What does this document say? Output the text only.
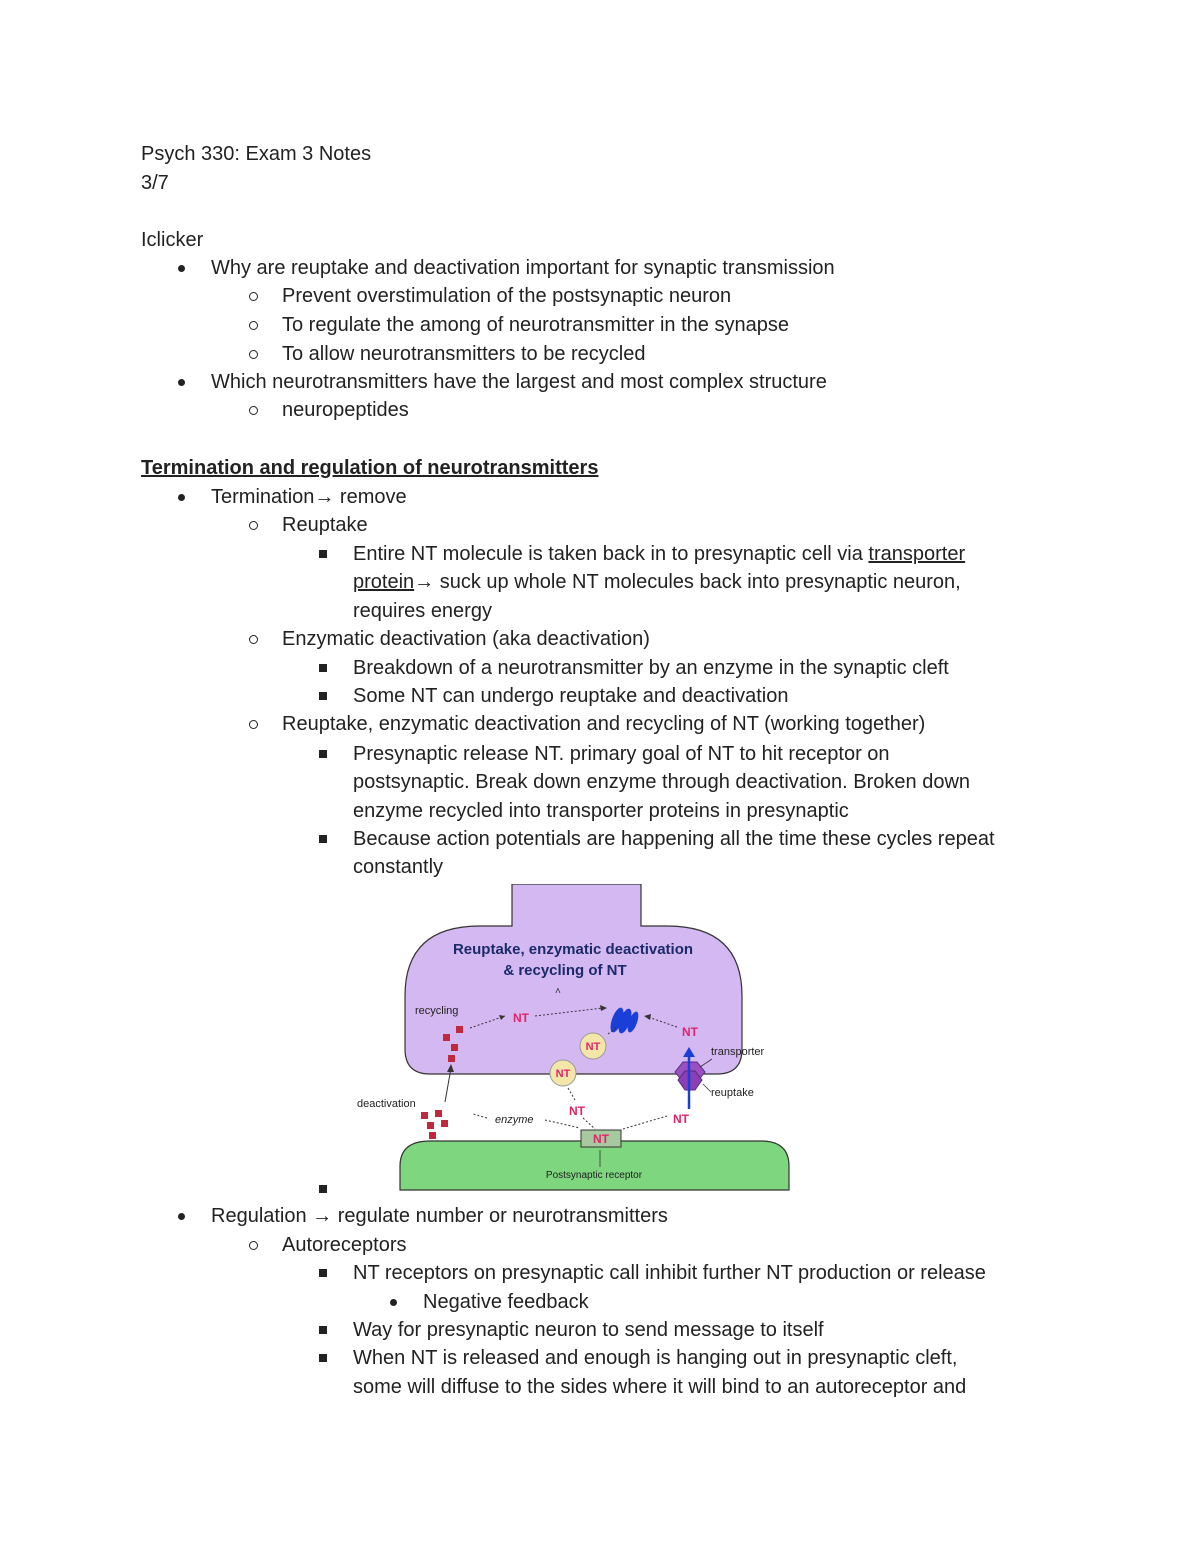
Psych 330: Exam 3 Notes
3/7
Iclicker
Why are reuptake and deactivation important for synaptic transmission
Prevent overstimulation of the postsynaptic neuron
To regulate the among of neurotransmitter in the synapse
To allow neurotransmitters to be recycled
Which neurotransmitters have the largest and most complex structure
neuropeptides
Termination and regulation of neurotransmitters
Termination→ remove
Reuptake
Entire NT molecule is taken back in to presynaptic cell via transporter
protein→ suck up whole NT molecules back into presynaptic neuron,
requires energy
Enzymatic deactivation (aka deactivation)
Breakdown of a neurotransmitter by an enzyme in the synaptic cleft
Some NT can undergo reuptake and deactivation
Reuptake, enzymatic deactivation and recycling of NT (working together)
Presynaptic release NT. primary goal of NT to hit receptor on
postsynaptic. Break down enzyme through deactivation. Broken down
enzyme recycled into transporter proteins in presynaptic
Because action potentials are happening all the time these cycles repeat
constantly
Reuptake, enzymatic deactivation
& recycling of NT
˄
recycling	NT
NT
NT
NT
transporter
reuptake
deactivation
enzyme
NT
NT
NT
Postsynaptic receptor
Regulation → regulate number or neurotransmitters
Autoreceptors
NT receptors on presynaptic call inhibit further NT production or release
Negative feedback
Way for presynaptic neuron to send message to itself
When NT is released and enough is hanging out in presynaptic cleft,
some will diffuse to the sides where it will bind to an autoreceptor and
